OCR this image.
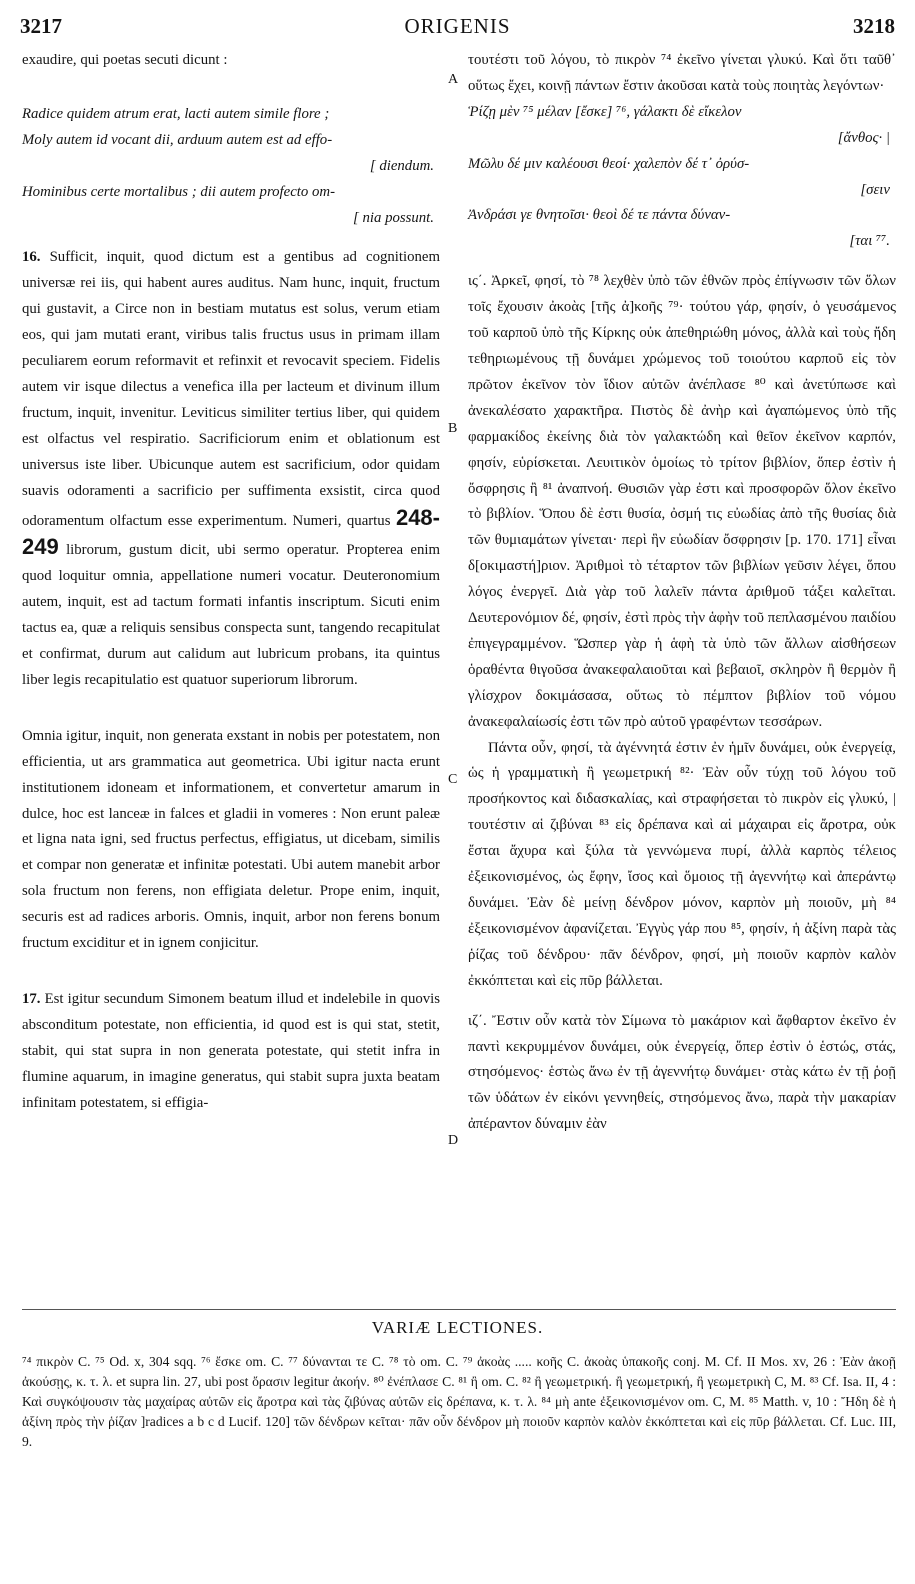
3217	ORIGENIS	3218

exaudire, qui poetas secuti dicunt :

Radice quidem atrum erat, lacti autem simile flore ;
Moly autem id vocant dii, arduum autem est ad effo-
[ diendum.
Hominibus certe mortalibus ; dii autem profecto om-
[ nia possunt.

16. Sufficit, inquit, quod dictum est a gentibus ad cognitionem universæ rei iis, qui habent aures auditus. Nam hunc, inquit, fructum qui gustavit, a Circe non in bestiam mutatus est solus, verum etiam eos, qui jam mutati erant, viribus talis fructus usus in primam illam peculiarem eorum reformavit et refinxit et revocavit speciem. Fidelis autem vir isque dilectus a venefica illa per lacteum et divinum illum fructum, inquit, invenitur. Leviticus similiter tertius liber, qui quidem est olfactus vel respiratio. Sacrificiorum enim et oblationum est universus iste liber. Ubicunque autem est sacrificium, odor quidam suavis odoramenti a sacrificio per suffimenta exsistit, circa quod odoramentum olfactum esse experimentum. Numeri, quartus 248-249 librorum, gustum dicit, ubi sermo operatur. Propterea enim quod loquitur omnia, appellatione numeri vocatur. Deuteronomium autem, inquit, est ad tactum formati infantis inscriptum. Sicuti enim tactus ea, quæ a reliquis sensibus conspecta sunt, tangendo recapitulat et confirmat, durum aut calidum aut lubricum probans, ita quintus liber legis recapitulatio est quatuor superiorum librorum.

Omnia igitur, inquit, non generata exstant in nobis per potestatem, non efficientia, ut ars grammatica aut geometrica. Ubi igitur nacta erunt institutionem idoneam et informationem, et convertetur amarum in dulce, hoc est lanceæ in falces et gladii in vomeres : Non erunt paleæ et ligna nata igni, sed fructus perfectus, effigiatus, ut dicebam, similis et compar non generatæ et infinitæ potestati. Ubi autem manebit arbor sola fructum non ferens, non effigiata deletur. Prope enim, inquit, securis est ad radices arboris. Omnis, inquit, arbor non ferens bonum fructum exciditur et in ignem conjicitur.

17. Est igitur secundum Simonem beatum illud et indelebile in quovis absconditum potestate, non efficientia, id quod est is qui stat, stetit, stabit, qui stat supra in non generata potestate, qui stetit infra in flumine aquarum, in imagine generatus, qui stabit supra juxta beatam infinitam potestatem, si effigia-

τουτέστι τοῦ λόγου, τὸ πικρὸν ⁷⁴ ἐκεῖνο γίνεται γλυκύ. Καὶ ὅτι ταῦθ᾽ οὕτως ἔχει, κοινῇ πάντων ἔστιν ἀκοῦσαι κατὰ τοὺς ποιητὰς λεγόντων·

Ῥίζῃ μὲν ⁷⁵ μέλαν [ἔσκε] ⁷⁶, γάλακτι δὲ εἴκελον
[ἄνθος· |
Μῶλυ δέ μιν καλέουσι θεοί· χαλεπὸν δέ τ᾽ ὀρύσ-
[σειν
Ἀνδράσι γε θνητοῖσι· θεοὶ δέ τε πάντα δύναν-
[ται ⁷⁷.

ις΄. Ἀρκεῖ, φησί, τὸ ⁷⁸ λεχθὲν ὑπὸ τῶν ἐθνῶν πρὸς ἐπίγνωσιν τῶν ὅλων τοῖς ἔχουσιν ἀκοὰς [τῆς ἀ]κοῆς ⁷⁹· τούτου γάρ, φησίν, ὁ γευσάμενος τοῦ καρποῦ ὑπὸ τῆς Κίρκης οὐκ ἀπεθηριώθη μόνος, ἀλλὰ καὶ τοὺς ἤδη τεθηριωμένους τῇ δυνάμει χρώμενος τοῦ τοιούτου καρποῦ εἰς τὸν πρῶτον ἐκεῖνον τὸν ἴδιον αὐτῶν ἀνέπλασε ⁸⁰ καὶ ἀνετύπωσε καὶ ἀνεκαλέσατο χαρακτῆρα. Πιστὸς δὲ ἀνὴρ καὶ ἀγαπώμενος ὑπὸ τῆς φαρμακίδος ἐκείνης διὰ τὸν γαλακτώδη καὶ θεῖον ἐκεῖνον καρπόν, φησίν, εὑρίσκεται. Λευιτικὸν ὁμοίως τὸ τρίτον βιβλίον, ὅπερ ἐστὶν ἡ ὄσφρησις ἢ ⁸¹ ἀναπνοή. Θυσιῶν γὰρ ἐστι καὶ προσφορῶν ὅλον ἐκεῖνο τὸ βιβλίον. Ὅπου δὲ ἐστι θυσία, ὀσμή τις εὐωδίας ἀπὸ τῆς θυσίας διὰ τῶν θυμιαμάτων γίνεται· περὶ ἣν εὐωδίαν ὄσφρησιν [p. 170. 171] εἶναι δ[οκιμαστή]ριον. Ἀριθμοὶ τὸ τέταρτον τῶν βιβλίων γεῦσιν λέγει, ὅπου λόγος ἐνεργεῖ. Διὰ γὰρ τοῦ λαλεῖν πάντα ἀριθμοῦ τάξει καλεῖται. Δευτερονόμιον δέ, φησίν, ἐστὶ πρὸς τὴν ἁφὴν τοῦ πεπλασμένου παιδίου ἐπιγεγραμμένον. Ὥσπερ γὰρ ἡ ἁφὴ τὰ ὑπὸ τῶν ἄλλων αἰσθήσεων ὁραθέντα θιγοῦσα ἀνακεφαλαιοῦται καὶ βεβαιοῖ, σκληρὸν ἢ θερμὸν ἢ γλίσχρον δοκιμάσασα, οὕτως τὸ πέμπτον βιβλίον τοῦ νόμου ἀνακεφαλαίωσίς ἐστι τῶν πρὸ αὐτοῦ γραφέντων τεσσάρων.

Πάντα οὖν, φησί, τὰ ἀγέννητά ἐστιν ἐν ἡμῖν δυνάμει, οὐκ ἐνεργείᾳ, ὡς ἡ γραμματικὴ ἢ γεωμετρική ⁸²· Ἐὰν οὖν τύχῃ τοῦ λόγου τοῦ προσήκοντος καὶ διδασκαλίας, καὶ στραφήσεται τὸ πικρὸν εἰς γλυκύ, | τουτέστιν αἱ ζιβύναι ⁸³ εἰς δρέπανα καὶ αἱ μάχαιραι εἰς ἄροτρα, οὐκ ἔσται ἄχυρα καὶ ξύλα τὰ γεννώμενα πυρί, ἀλλὰ καρπὸς τέλειος ἐξεικονισμένος, ὡς ἔφην, ἴσος καὶ ὅμοιος τῇ ἀγεννήτῳ καὶ ἀπεράντῳ δυνάμει. Ἐὰν δὲ μείνῃ δένδρον μόνον, καρπὸν μὴ ποιοῦν, μὴ ⁸⁴ ἐξεικονισμένον ἀφανίζεται. Ἐγγὺς γάρ που ⁸⁵, φησίν, ἡ ἀξίνη παρὰ τὰς ῥίζας τοῦ δένδρου· πᾶν δένδρον, φησί, μὴ ποιοῦν καρπὸν καλὸν ἐκκόπτεται καὶ εἰς πῦρ βάλλεται.

ιζ΄. Ἔστιν οὖν κατὰ τὸν Σίμωνα τὸ μακάριον καὶ ἄφθαρτον ἐκεῖνο ἐν παντὶ κεκρυμμένον δυνάμει, οὐκ ἐνεργείᾳ, ὅπερ ἐστὶν ὁ ἑστώς, στάς, στησόμενος· ἑστὼς ἄνω ἐν τῇ ἀγεννήτῳ δυνάμει· στὰς κάτω ἐν τῇ ῥοῇ τῶν ὑδάτων ἐν εἰκόνι γεννηθείς, στησόμενος ἄνω, παρὰ τὴν μακαρίαν ἀπέραντον δύναμιν ἐὰν

A
B
C
D
VARIÆ LECTIONES.

⁷⁴ πικρὸν C. ⁷⁵ Od. x, 304 sqq. ⁷⁶ ἔσκε om. C. ⁷⁷ δύνανται τε C. ⁷⁸ τὸ om. C. ⁷⁹ ἀκοὰς ..... κοῆς C. ἀκοὰς ὑπακοῆς conj. M. Cf. II Mos. xv, 26 : Ἐὰν ἀκοῇ ἀκούσῃς, κ. τ. λ. et supra lin. 27, ubi post ὄρασιν legitur ἀκοήν. ⁸⁰ ἐνέπλασε C. ⁸¹ ἢ om. C. ⁸² ἢ γεωμετρική. ἢ γεωμετρική, ἢ γεωμετρικὴ C, M. ⁸³ Cf. Isa. II, 4 : Καὶ συγκόψουσιν τὰς μαχαίρας αὐτῶν εἰς ἄροτρα καὶ τὰς ζιβύνας αὐτῶν εἰς δρέπανα, κ. τ. λ. ⁸⁴ μὴ ante ἐξεικονισμένον om. C, M. ⁸⁵ Matth. v, 10 : Ἤδη δὲ ἡ ἀξίνη πρὸς τὴν ῥίζαν ]radices a b c d Lucif. 120] τῶν δένδρων κεῖται· πᾶν οὖν δένδρον μὴ ποιοῦν καρπὸν καλὸν ἐκκόπτεται καὶ εἰς πῦρ βάλλεται. Cf. Luc. III, 9.
